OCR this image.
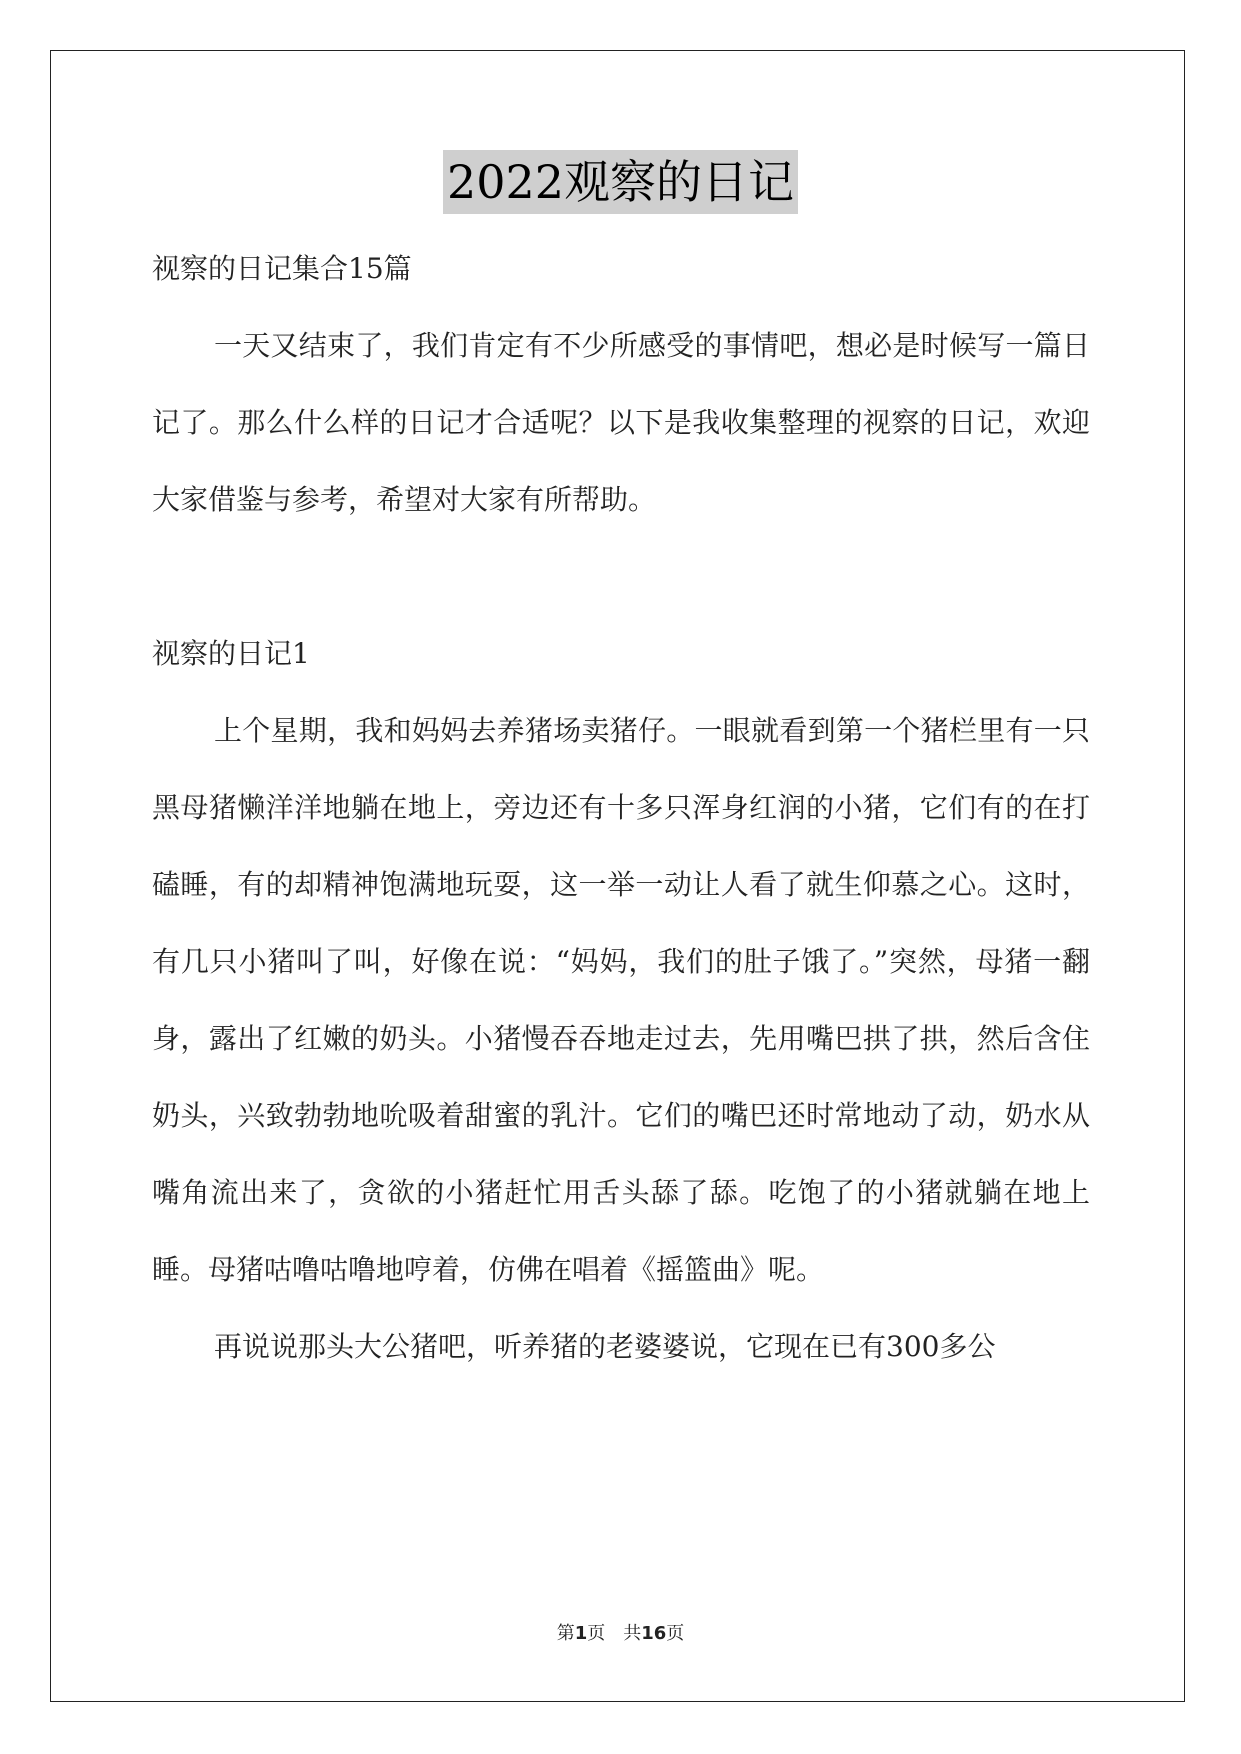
2022观察的日记

视察的日记集合15篇

一天又结束了，我们肯定有不少所感受的事情吧，想必是时候写一篇日记了。那么什么样的日记才合适呢？以下是我收集整理的视察的日记，欢迎大家借鉴与参考，希望对大家有所帮助。

视察的日记1

上个星期，我和妈妈去养猪场卖猪仔。一眼就看到第一个猪栏里有一只黑母猪懒洋洋地躺在地上，旁边还有十多只浑身红润的小猪，它们有的在打磕睡，有的却精神饱满地玩耍，这一举一动让人看了就生仰慕之心。这时，有几只小猪叫了叫，好像在说：“妈妈，我们的肚子饿了。”突然，母猪一翻身，露出了红嫩的奶头。小猪慢吞吞地走过去，先用嘴巴拱了拱，然后含住奶头，兴致勃勃地吮吸着甜蜜的乳汁。它们的嘴巴还时常地动了动，奶水从嘴角流出来了，贪欲的小猪赶忙用舌头舔了舔。吃饱了的小猪就躺在地上睡。母猪咕噜咕噜地哼着，仿佛在唱着《摇篮曲》呢。

再说说那头大公猪吧，听养猪的老婆婆说，它现在已有300多公

第1页　共16页
